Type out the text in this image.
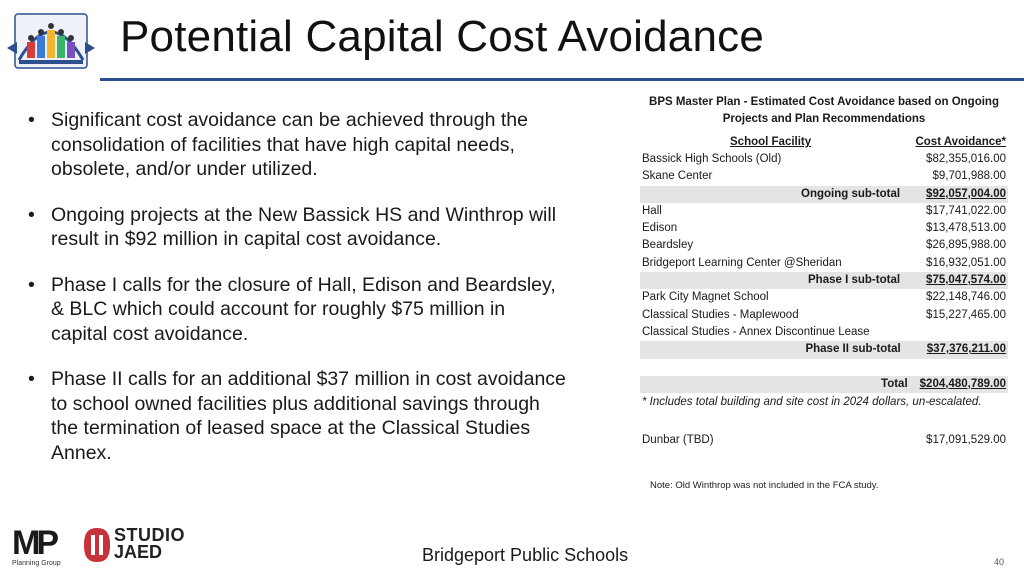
Potential Capital Cost Avoidance
• Significant cost avoidance can be achieved through the consolidation of facilities that have high capital needs, obsolete, and/or under utilized.
• Ongoing projects at the New Bassick HS and Winthrop will result in $92 million in capital cost avoidance.
• Phase I calls for the closure of Hall, Edison and Beardsley, & BLC which could account for roughly $75 million in capital cost avoidance.
• Phase II calls for an additional $37 million in cost avoidance to school owned facilities plus additional savings through the termination of leased space at the Classical Studies Annex.
BPS Master Plan - Estimated Cost Avoidance based on Ongoing Projects and Plan Recommendations
School Facility	Cost Avoidance*
Bassick High Schools (Old)	$82,355,016.00
Skane Center	$9,701,988.00
Ongoing sub-total	$92,057,004.00
Hall	$17,741,022.00
Edison	$13,478,513.00
Beardsley	$26,895,988.00
Bridgeport Learning Center @Sheridan	$16,932,051.00
Phase I sub-total	$75,047,574.00
Park City Magnet School	$22,148,746.00
Classical Studies - Maplewood	$15,227,465.00
Classical Studies - Annex Discontinue Lease
Phase II sub-total	$37,376,211.00
Total	$204,480,789.00
* Includes total building and site cost in 2024 dollars, un-escalated.
Dunbar (TBD)	$17,091,529.00
Note: Old Winthrop was not included in the FCA study.
MP
Planning Group
STUDIO
JAED	Bridgeport Public Schools	40
